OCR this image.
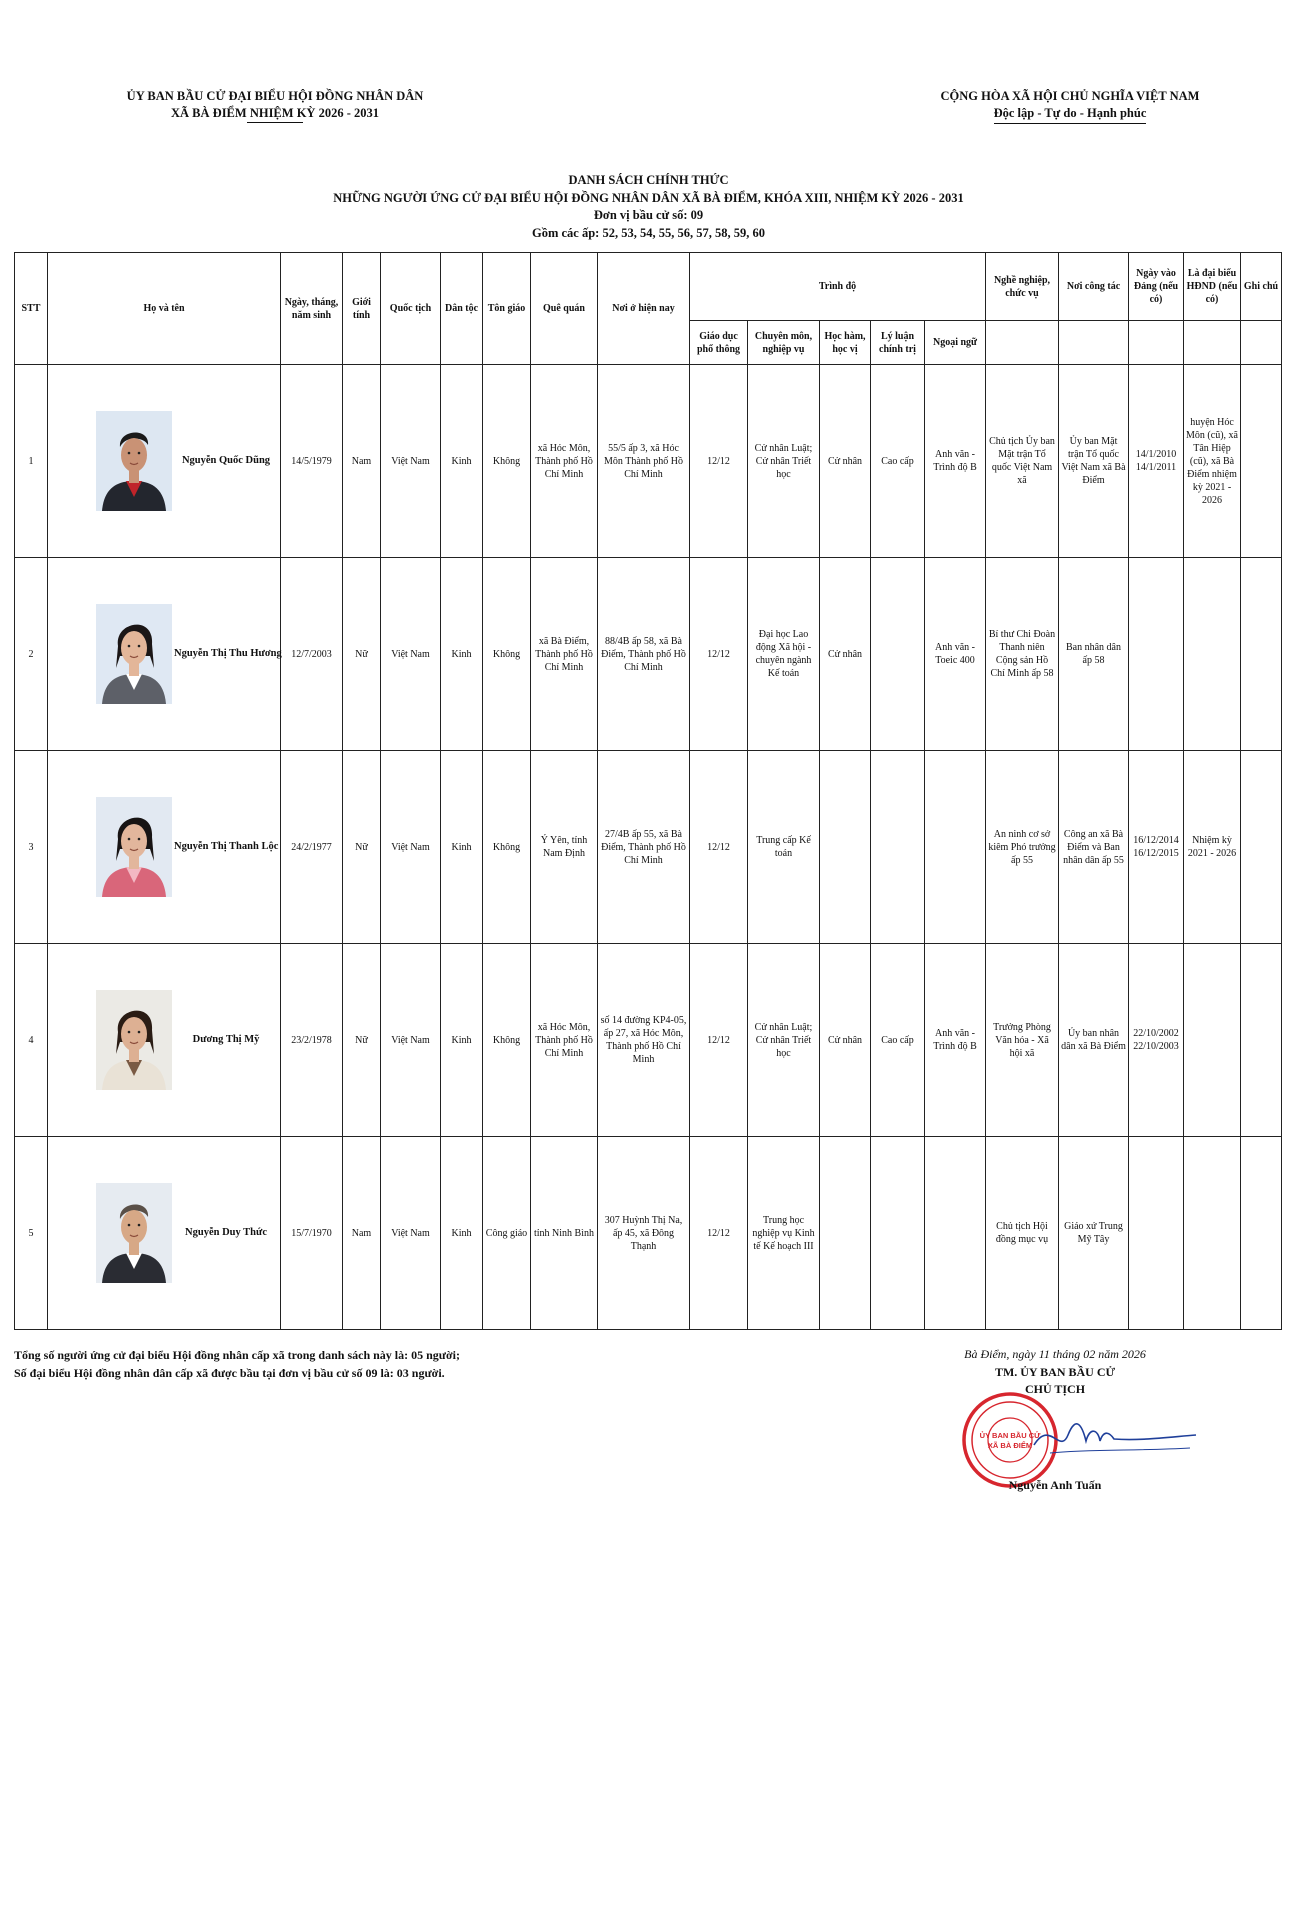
ỦY BAN BẦU CỬ ĐẠI BIỂU HỘI ĐỒNG NHÂN DÂN
XÃ BÀ ĐIỂM NHIỆM KỲ 2026 - 2031
CỘNG HÒA XÃ HỘI CHỦ NGHĨA VIỆT NAM
Độc lập - Tự do - Hạnh phúc
DANH SÁCH CHÍNH THỨC
NHỮNG NGƯỜI ỨNG CỬ ĐẠI BIỂU HỘI ĐỒNG NHÂN DÂN XÃ BÀ ĐIỂM, KHÓA XIII, NHIỆM KỲ 2026 - 2031
Đơn vị bầu cử số: 09
Gồm các ấp: 52, 53, 54, 55, 56, 57, 58, 59, 60
STT	Họ và tên	Ngày, tháng, năm sinh	Giới tính	Quốc tịch	Dân tộc	Tôn giáo	Quê quán	Nơi ở hiện nay	Trình độ					Nghề nghiệp, chức vụ	Nơi công tác	Ngày vào Đảng (nếu có)	Là đại biểu HĐND (nếu có)	Ghi chú
									Giáo dục phổ thông	Chuyên môn, nghiệp vụ	Học hàm, học vị	Lý luận chính trị	Ngoại ngữ					
1	Nguyễn Quốc Dũng	14/5/1979	Nam	Việt Nam	Kinh	Không	xã Hóc Môn, Thành phố Hồ Chí Minh	55/5 ấp 3, xã Hóc Môn Thành phố Hồ Chí Minh	12/12	Cử nhân Luật; Cử nhân Triết học	Cử nhân	Cao cấp	Anh văn - Trình độ B	Chủ tịch Ủy ban Mặt trận Tổ quốc Việt Nam xã	Ủy ban Mặt trận Tổ quốc Việt Nam xã Bà Điểm	14/1/2010 14/1/2011	huyện Hóc Môn (cũ), xã Tân Hiệp (cũ), xã Bà Điểm nhiệm kỳ 2021 - 2026	
2	Nguyễn Thị Thu Hương	12/7/2003	Nữ	Việt Nam	Kinh	Không	xã Bà Điểm, Thành phố Hồ Chí Minh	88/4B ấp 58, xã Bà Điểm, Thành phố Hồ Chí Minh	12/12	Đại học Lao động Xã hội - chuyên ngành Kế toán	Cử nhân		Anh văn - Toeic 400	Bí thư Chi Đoàn Thanh niên Cộng sản Hồ Chí Minh ấp 58	Ban nhân dân ấp 58			
3	Nguyễn Thị Thanh Lộc	24/2/1977	Nữ	Việt Nam	Kinh	Không	Ý Yên, tỉnh Nam Định	27/4B ấp 55, xã Bà Điểm, Thành phố Hồ Chí Minh	12/12	Trung cấp Kế toán				An ninh cơ sở kiêm Phó trưởng ấp 55	Công an xã Bà Điểm và Ban nhân dân ấp 55	16/12/2014 16/12/2015	Nhiệm kỳ 2021 - 2026	
4	Dương Thị Mỹ	23/2/1978	Nữ	Việt Nam	Kinh	Không	xã Hóc Môn, Thành phố Hồ Chí Minh	số 14 đường KP4-05, ấp 27, xã Hóc Môn, Thành phố Hồ Chí Minh	12/12	Cử nhân Luật; Cử nhân Triết học	Cử nhân	Cao cấp	Anh văn - Trình độ B	Trưởng Phòng Văn hóa - Xã hội xã	Ủy ban nhân dân xã Bà Điểm	22/10/2002 22/10/2003		
5	Nguyễn Duy Thức	15/7/1970	Nam	Việt Nam	Kinh	Công giáo	tỉnh Ninh Bình	307 Huỳnh Thị Na, ấp 45, xã Đông Thạnh	12/12	Trung học nghiệp vụ Kinh tế Kế hoạch III				Chủ tịch Hội đồng mục vụ	Giáo xứ Trung Mỹ Tây			
Tổng số người ứng cử đại biểu Hội đồng nhân cấp xã trong danh sách này là: 05 người;
Số đại biểu Hội đồng nhân dân cấp xã được bầu tại đơn vị bầu cử số 09 là: 03 người.
Bà Điểm, ngày 11 tháng 02 năm 2026
TM. ỦY BAN BẦU CỬ
CHỦ TỊCH
ỦY BAN BẦU CỬ
XÃ BÀ ĐIỂM
Nguyễn Anh Tuấn
